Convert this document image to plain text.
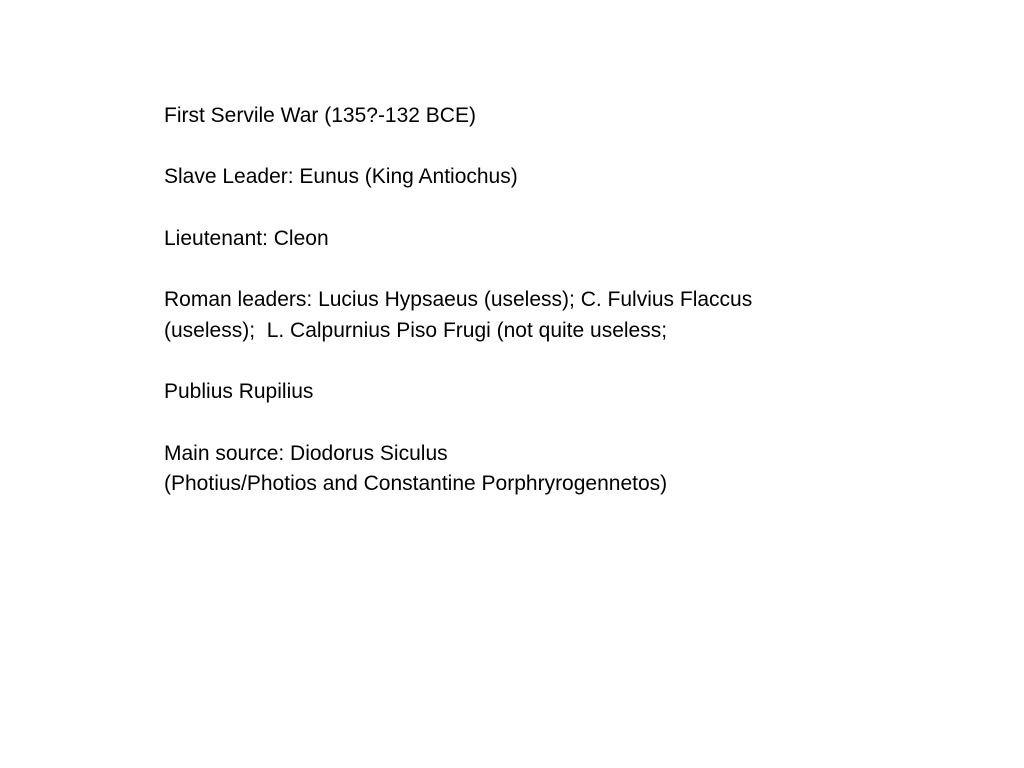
First Servile War (135?-132 BCE)
Slave Leader: Eunus (King Antiochus)
Lieutenant: Cleon
Roman leaders: Lucius Hypsaeus (useless); C. Fulvius Flaccus
(useless);  L. Calpurnius Piso Frugi (not quite useless;
Publius Rupilius
Main source: Diodorus Siculus
(Photius/Photios and Constantine Porphryrogennetos)
